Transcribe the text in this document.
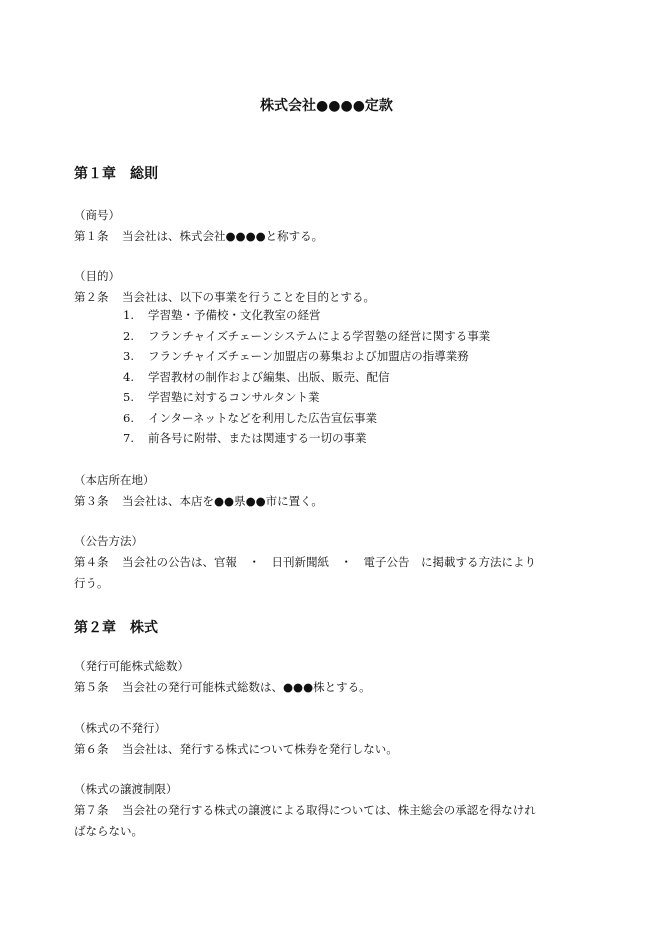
株式会社●●●●定款
第１章　総則
（商号）
第１条 当会社は、株式会社●●●●と称する。
（目的）
第２条 当会社は、以下の事業を行うことを目的とする。
1. 学習塾・予備校・文化教室の経営
2. フランチャイズチェーンシステムによる学習塾の経営に関する事業
3. フランチャイズチェーン加盟店の募集および加盟店の指導業務
4. 学習教材の制作および編集、出版、販売、配信
5. 学習塾に対するコンサルタント業
6. インターネットなどを利用した広告宣伝事業
7. 前各号に附帯、または関連する一切の事業
（本店所在地）
第３条 当会社は、本店を●●県●●市に置く。
（公告方法）
第４条 当会社の公告は、官報　・　日刊新聞紙　・　電子公告　に掲載する方法により
行う。
第２章　株式
（発行可能株式総数）
第５条 当会社の発行可能株式総数は、●●●株とする。
（株式の不発行）
第６条 当会社は、発行する株式について株券を発行しない。
（株式の譲渡制限）
第７条 当会社の発行する株式の譲渡による取得については、株主総会の承認を得なけれ
ばならない。
